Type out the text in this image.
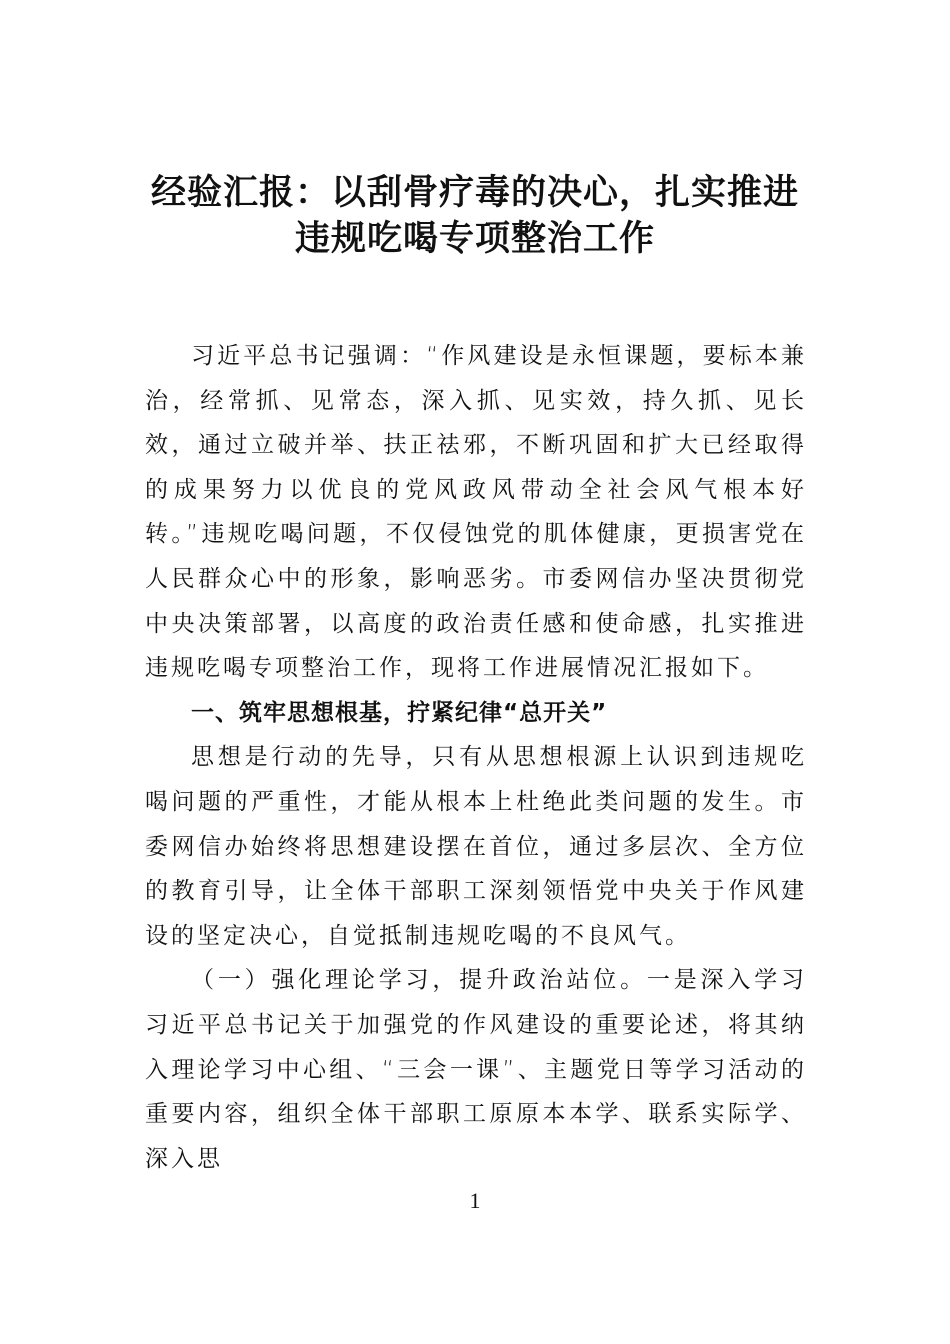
经验汇报：以刮骨疗毒的决心，扎实推进
违规吃喝专项整治工作

习近平总书记强调：“作风建设是永恒课题，要标本兼治，经常抓、见常态，深入抓、见实效，持久抓、见长效，通过立破并举、扶正祛邪，不断巩固和扩大已经取得的成果努力以优良的党风政风带动全社会风气根本好转。”违规吃喝问题，不仅侵蚀党的肌体健康，更损害党在人民群众心中的形象，影响恶劣。市委网信办坚决贯彻党中央决策部署，以高度的政治责任感和使命感，扎实推进违规吃喝专项整治工作，现将工作进展情况汇报如下。

一、筑牢思想根基，拧紧纪律“总开关”

思想是行动的先导，只有从思想根源上认识到违规吃喝问题的严重性，才能从根本上杜绝此类问题的发生。市委网信办始终将思想建设摆在首位，通过多层次、全方位的教育引导，让全体干部职工深刻领悟党中央关于作风建设的坚定决心，自觉抵制违规吃喝的不良风气。

（一）强化理论学习，提升政治站位。一是深入学习习近平总书记关于加强党的作风建设的重要论述，将其纳入理论学习中心组、“三会一课”、主题党日等学习活动的重要内容，组织全体干部职工原原本本学、联系实际学、深入思

1
